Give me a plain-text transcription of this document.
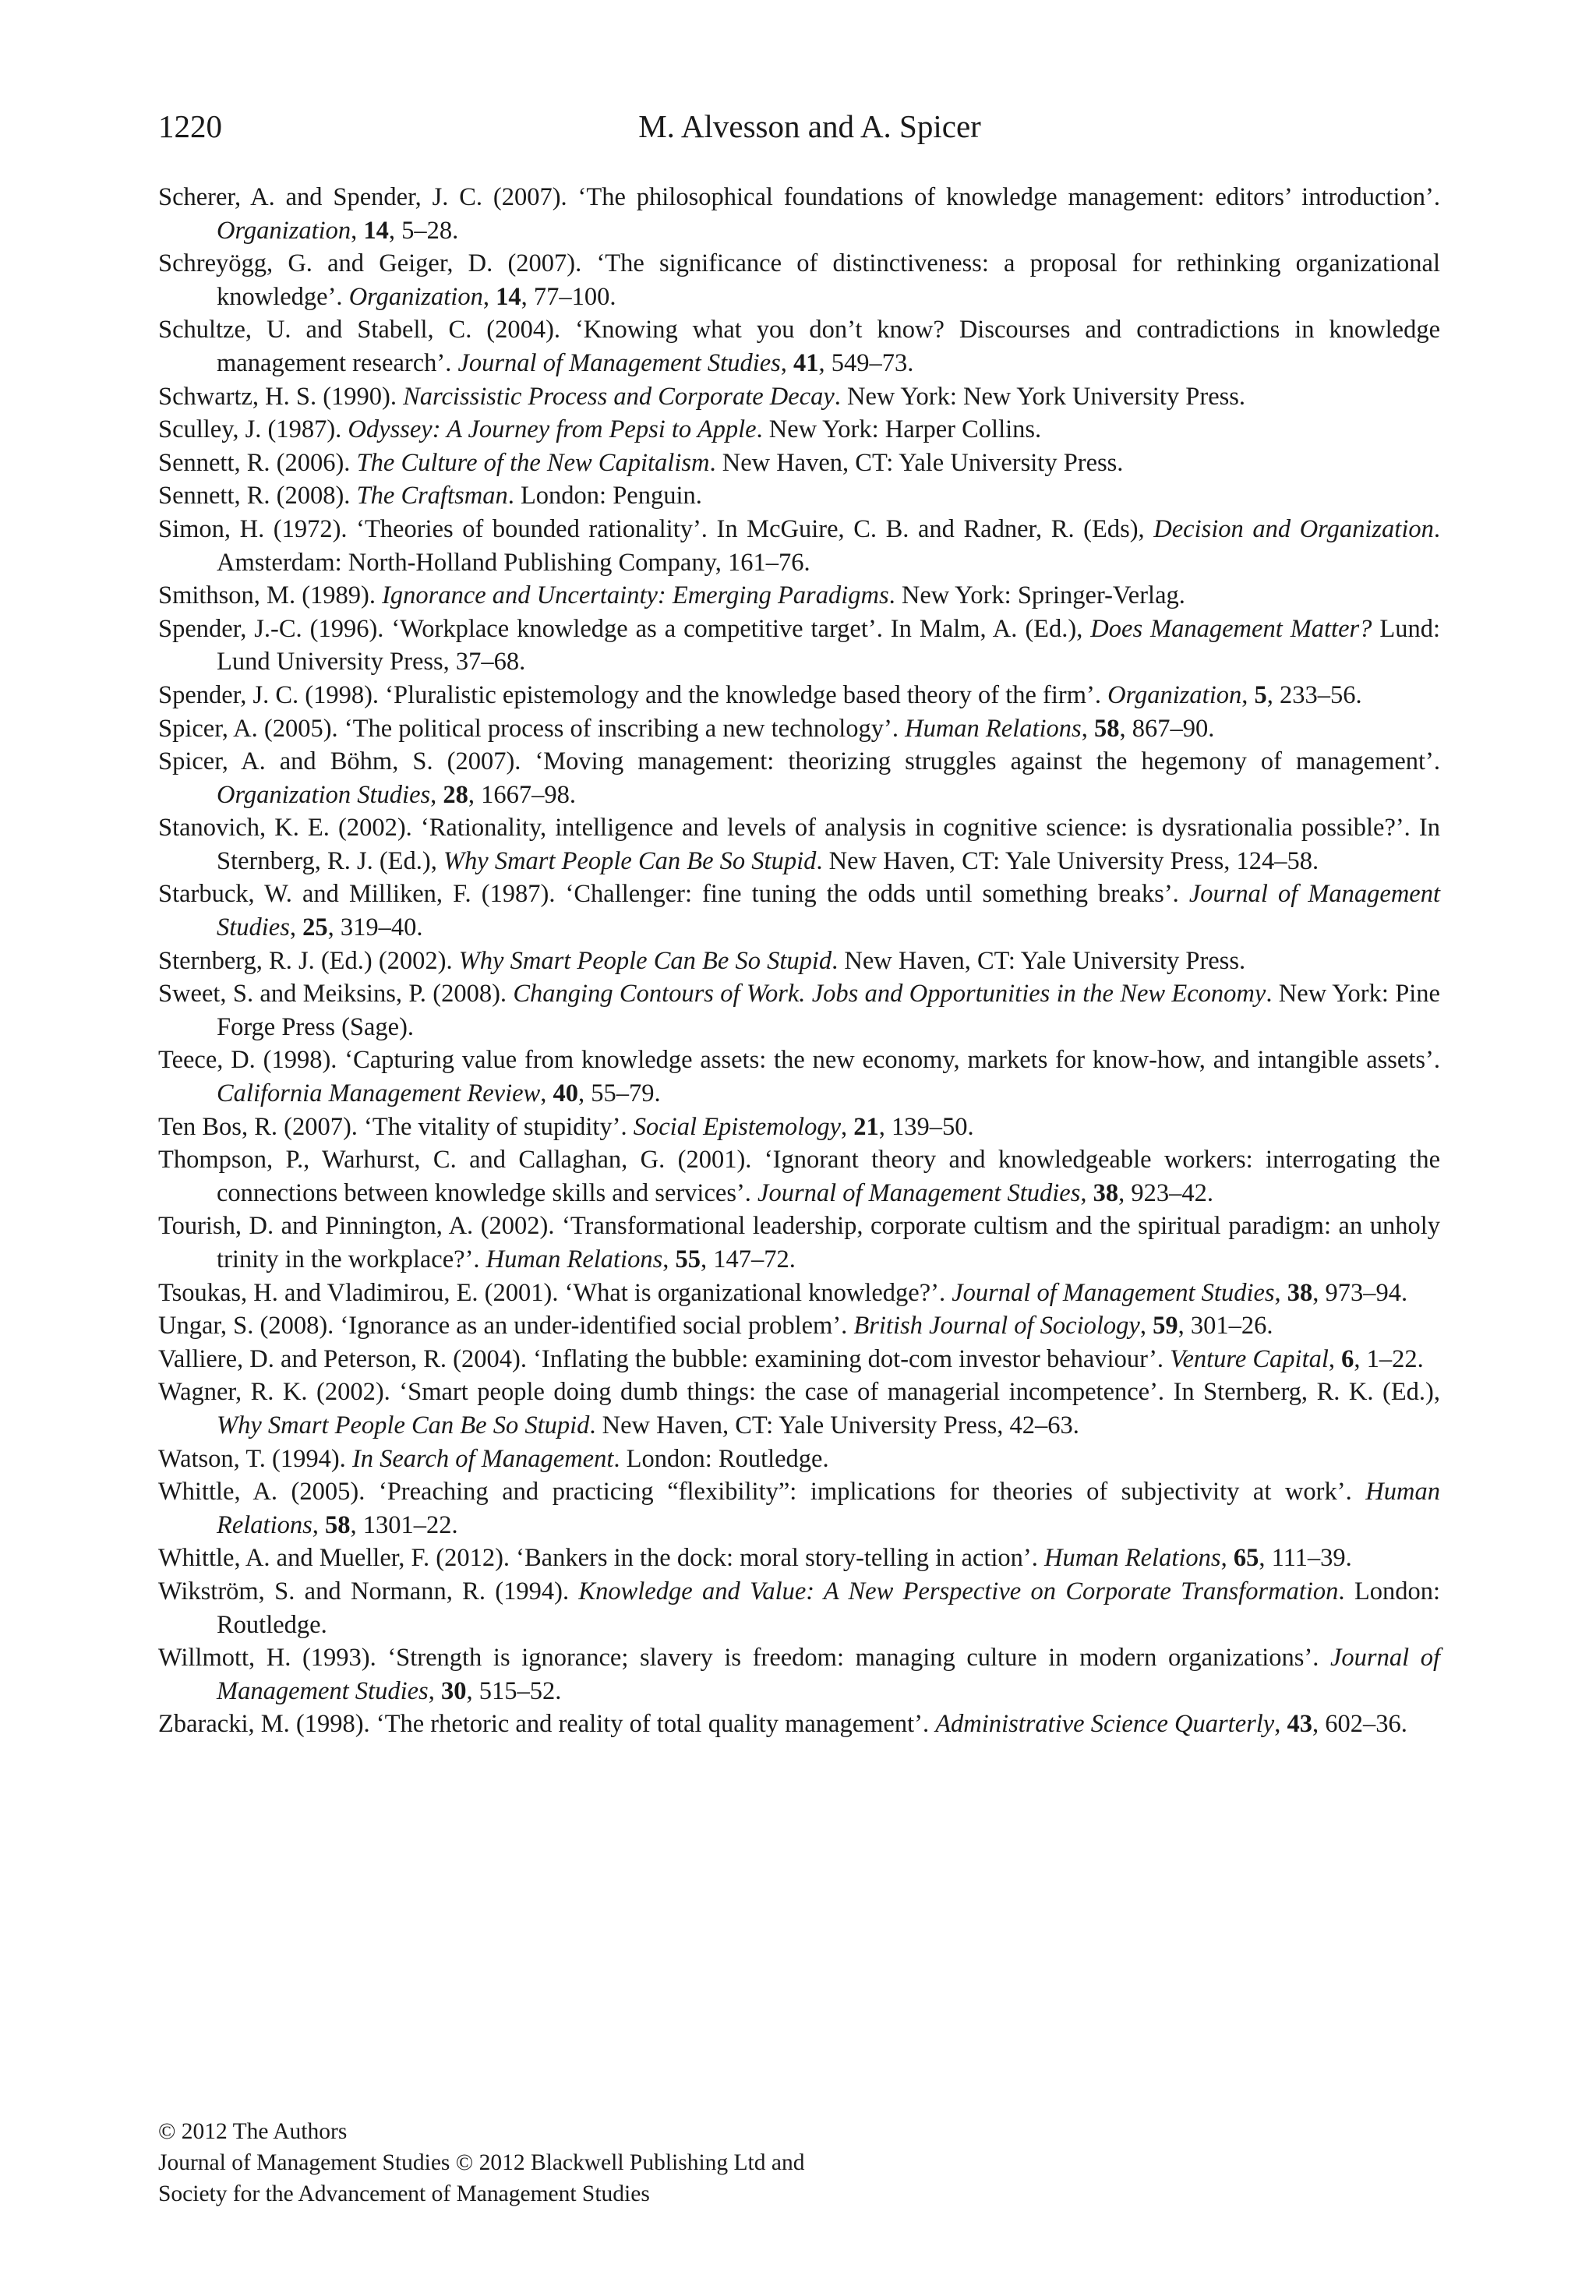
1220	M. Alvesson and A. Spicer

Scherer, A. and Spender, J. C. (2007). ‘The philosophical foundations of knowledge management: editors’ introduction’. Organization, 14, 5–28.

Schreyögg, G. and Geiger, D. (2007). ‘The significance of distinctiveness: a proposal for rethinking organizational knowledge’. Organization, 14, 77–100.

Schultze, U. and Stabell, C. (2004). ‘Knowing what you don’t know? Discourses and contradictions in knowledge management research’. Journal of Management Studies, 41, 549–73.

Schwartz, H. S. (1990). Narcissistic Process and Corporate Decay. New York: New York University Press.

Sculley, J. (1987). Odyssey: A Journey from Pepsi to Apple. New York: Harper Collins.

Sennett, R. (2006). The Culture of the New Capitalism. New Haven, CT: Yale University Press.

Sennett, R. (2008). The Craftsman. London: Penguin.

Simon, H. (1972). ‘Theories of bounded rationality’. In McGuire, C. B. and Radner, R. (Eds), Decision and Organization. Amsterdam: North-Holland Publishing Company, 161–76.

Smithson, M. (1989). Ignorance and Uncertainty: Emerging Paradigms. New York: Springer-Verlag.

Spender, J.-C. (1996). ‘Workplace knowledge as a competitive target’. In Malm, A. (Ed.), Does Management Matter? Lund: Lund University Press, 37–68.

Spender, J. C. (1998). ‘Pluralistic epistemology and the knowledge based theory of the firm’. Organization, 5, 233–56.

Spicer, A. (2005). ‘The political process of inscribing a new technology’. Human Relations, 58, 867–90.

Spicer, A. and Böhm, S. (2007). ‘Moving management: theorizing struggles against the hegemony of management’. Organization Studies, 28, 1667–98.

Stanovich, K. E. (2002). ‘Rationality, intelligence and levels of analysis in cognitive science: is dysrationalia possible?’. In Sternberg, R. J. (Ed.), Why Smart People Can Be So Stupid. New Haven, CT: Yale University Press, 124–58.

Starbuck, W. and Milliken, F. (1987). ‘Challenger: fine tuning the odds until something breaks’. Journal of Management Studies, 25, 319–40.

Sternberg, R. J. (Ed.) (2002). Why Smart People Can Be So Stupid. New Haven, CT: Yale University Press.

Sweet, S. and Meiksins, P. (2008). Changing Contours of Work. Jobs and Opportunities in the New Economy. New York: Pine Forge Press (Sage).

Teece, D. (1998). ‘Capturing value from knowledge assets: the new economy, markets for know-how, and intangible assets’. California Management Review, 40, 55–79.

Ten Bos, R. (2007). ‘The vitality of stupidity’. Social Epistemology, 21, 139–50.

Thompson, P., Warhurst, C. and Callaghan, G. (2001). ‘Ignorant theory and knowledgeable workers: interrogating the connections between knowledge skills and services’. Journal of Management Studies, 38, 923–42.

Tourish, D. and Pinnington, A. (2002). ‘Transformational leadership, corporate cultism and the spiritual paradigm: an unholy trinity in the workplace?’. Human Relations, 55, 147–72.

Tsoukas, H. and Vladimirou, E. (2001). ‘What is organizational knowledge?’. Journal of Management Studies, 38, 973–94.

Ungar, S. (2008). ‘Ignorance as an under-identified social problem’. British Journal of Sociology, 59, 301–26.

Valliere, D. and Peterson, R. (2004). ‘Inflating the bubble: examining dot-com investor behaviour’. Venture Capital, 6, 1–22.

Wagner, R. K. (2002). ‘Smart people doing dumb things: the case of managerial incompetence’. In Sternberg, R. K. (Ed.), Why Smart People Can Be So Stupid. New Haven, CT: Yale University Press, 42–63.

Watson, T. (1994). In Search of Management. London: Routledge.

Whittle, A. (2005). ‘Preaching and practicing “flexibility”: implications for theories of subjectivity at work’. Human Relations, 58, 1301–22.

Whittle, A. and Mueller, F. (2012). ‘Bankers in the dock: moral story-telling in action’. Human Relations, 65, 111–39.

Wikström, S. and Normann, R. (1994). Knowledge and Value: A New Perspective on Corporate Transformation. London: Routledge.

Willmott, H. (1993). ‘Strength is ignorance; slavery is freedom: managing culture in modern organizations’. Journal of Management Studies, 30, 515–52.

Zbaracki, M. (1998). ‘The rhetoric and reality of total quality management’. Administrative Science Quarterly, 43, 602–36.

© 2012 The Authors
Journal of Management Studies © 2012 Blackwell Publishing Ltd and
Society for the Advancement of Management Studies
